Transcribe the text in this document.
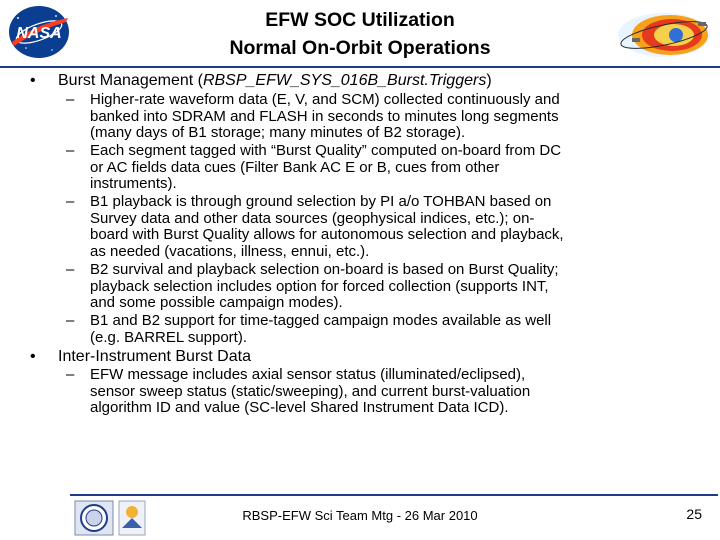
NASA
EFW SOC Utilization
Normal On-Orbit Operations
• Burst Management (RBSP_EFW_SYS_016B_Burst.Triggers)
– Higher-rate waveform data (E, V, and SCM) collected continuously and
banked into SDRAM and FLASH in seconds to minutes long segments
(many days of B1 storage; many minutes of B2 storage).
– Each segment tagged with “Burst Quality” computed on-board from DC
or AC fields data cues (Filter Bank AC E or B, cues from other
instruments).
– B1 playback is through ground selection by PI a/o TOHBAN based on
Survey data and other data sources (geophysical indices, etc.); on-
board with Burst Quality allows for autonomous selection and playback,
as needed (vacations, illness, ennui, etc.).
– B2 survival and playback selection on-board is based on Burst Quality;
playback selection includes option for forced collection (supports INT,
and some possible campaign modes).
– B1 and B2 support for time-tagged campaign modes available as well
(e.g. BARREL support).
• Inter-Instrument Burst Data
– EFW message includes axial sensor status (illuminated/eclipsed),
sensor sweep status (static/sweeping), and current burst-valuation
algorithm ID and value (SC-level Shared Instrument Data ICD).
RBSP-EFW Sci Team Mtg - 26 Mar 2010	25
